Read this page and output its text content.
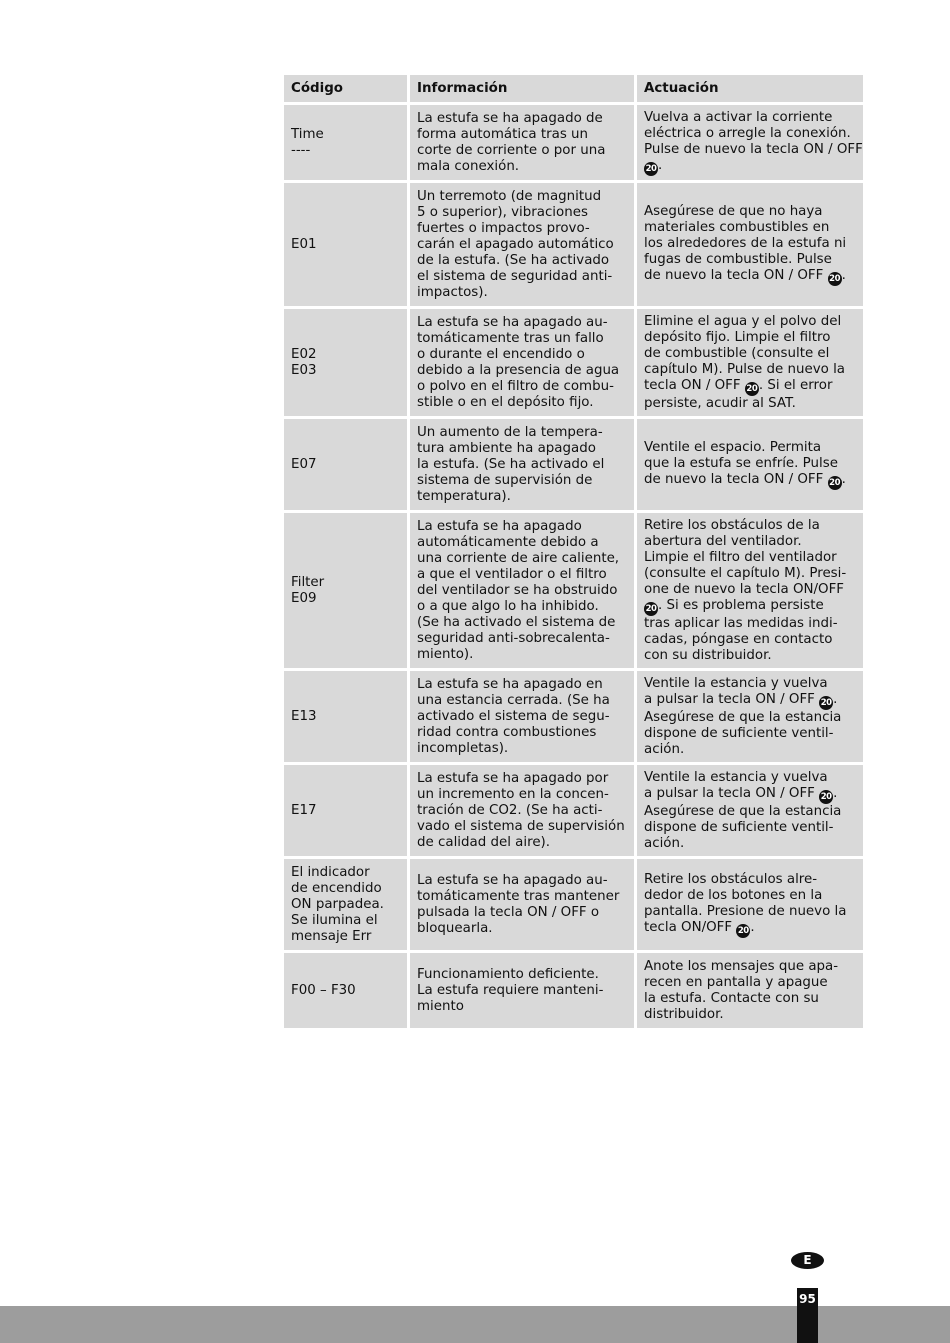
Código	Información	Actuación
Time
----
La estufa se ha apagado de
forma automática tras un
corte de corriente o por una
mala conexión.
Vuelva a activar la corriente
eléctrica o arregle la conexión.
Pulse de nuevo la tecla ON / OFF
20 .
E01
Un terremoto (de magnitud
5 o superior), vibraciones
fuertes o impactos provo-
carán el apagado automático
de la estufa. (Se ha activado
el sistema de seguridad anti-
impactos).
Asegúrese de que no haya
materiales combustibles en
los alrededores de la estufa ni
fugas de combustible. Pulse
de nuevo la tecla ON / OFF 20 .
E02
E03
La estufa se ha apagado au-
tomáticamente tras un fallo
o durante el encendido o
debido a la presencia de agua
o polvo en el filtro de combu-
stible o en el depósito fijo.
Elimine el agua y el polvo del
depósito fijo. Limpie el filtro
de combustible (consulte el
capítulo M). Pulse de nuevo la
tecla ON / OFF 20 . Si el error
persiste, acudir al SAT.
E07
Un aumento de la tempera-
tura ambiente ha apagado
la estufa. (Se ha activado el
sistema de supervisión de
temperatura).
Ventile el espacio. Permita
que la estufa se enfríe. Pulse
de nuevo la tecla ON / OFF 20 .
Filter
E09
La estufa se ha apagado
automáticamente debido a
una corriente de aire caliente,
a que el ventilador o el filtro
del ventilador se ha obstruido
o a que algo lo ha inhibido.
(Se ha activado el sistema de
seguridad anti-sobrecalenta-
miento).
Retire los obstáculos de la
abertura del ventilador.
Limpie el filtro del ventilador
(consulte el capítulo M). Presi-
one de nuevo la tecla ON/OFF
20 . Si es problema persiste
tras aplicar las medidas indi-
cadas, póngase en contacto
con su distribuidor.
E13
La estufa se ha apagado en
una estancia cerrada. (Se ha
activado el sistema de segu-
ridad contra combustiones
incompletas).
Ventile la estancia y vuelva
a pulsar la tecla ON / OFF 20 .
Asegúrese de que la estancia
dispone de suficiente ventil-
ación.
E17
La estufa se ha apagado por
un incremento en la concen-
tración de CO2. (Se ha acti-
vado el sistema de supervisión
de calidad del aire).
Ventile la estancia y vuelva
a pulsar la tecla ON / OFF 20 .
Asegúrese de que la estancia
dispone de suficiente ventil-
ación.
El indicador
de encendido
ON parpadea.
Se ilumina el
mensaje Err
La estufa se ha apagado au-
tomáticamente tras mantener
pulsada la tecla ON / OFF o
bloquearla.
Retire los obstáculos alre-
dedor de los botones en la
pantalla. Presione de nuevo la
tecla ON/OFF 20 .
F00 – F30
Funcionamiento deficiente.
La estufa requiere manteni-
miento
Anote los mensajes que apa-
recen en pantalla y apague
la estufa. Contacte con su
distribuidor.
E
95
